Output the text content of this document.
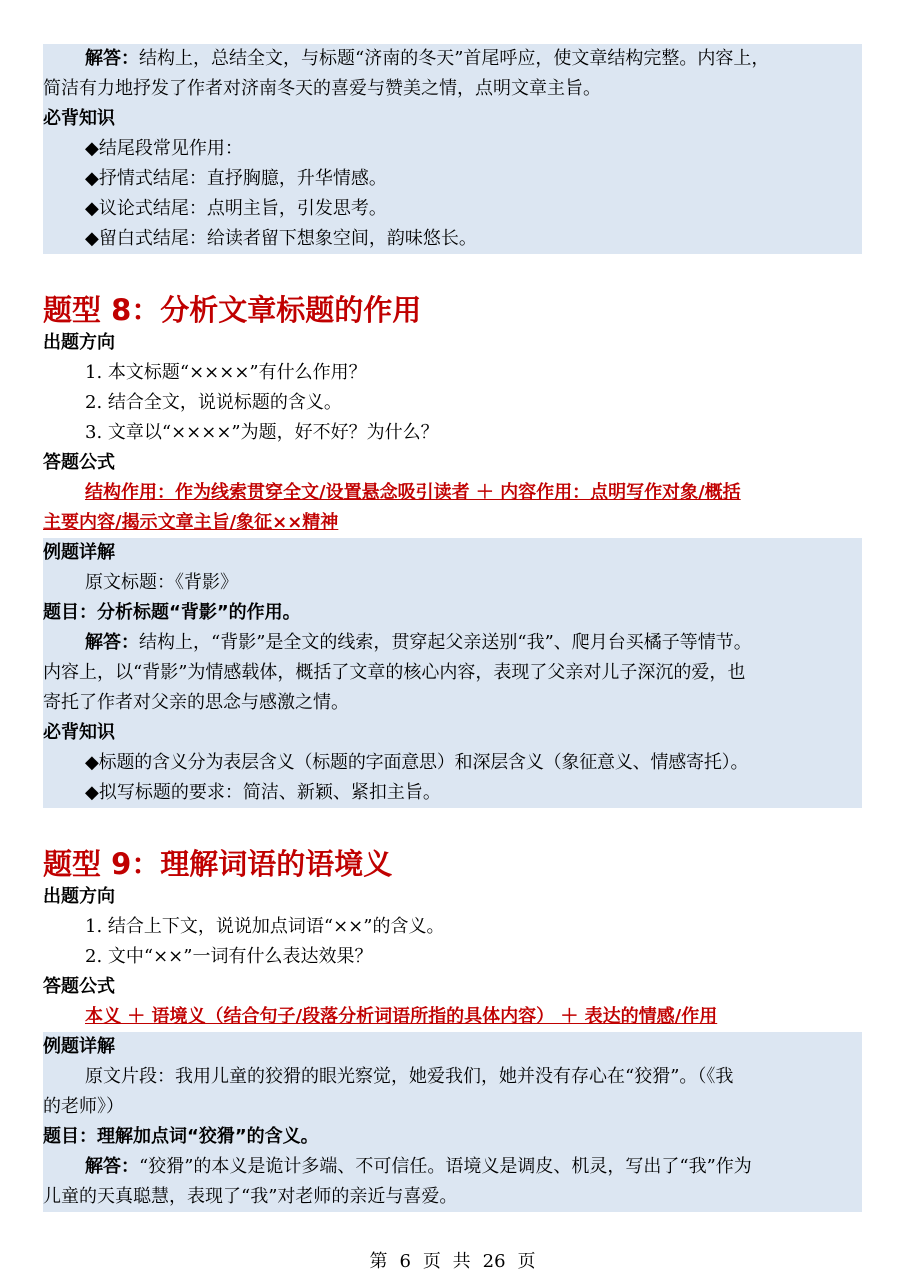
解答：结构上，总结全文，与标题“济南的冬天”首尾呼应，使文章结构完整。内容上，
简洁有力地抒发了作者对济南冬天的喜爱与赞美之情，点明文章主旨。
必背知识
◆结尾段常见作用：
◆抒情式结尾：直抒胸臆，升华情感。
◆议论式结尾：点明主旨，引发思考。
◆留白式结尾：给读者留下想象空间，韵味悠长。
题型 8：分析文章标题的作用
出题方向
1. 本文标题“××××”有什么作用？
2. 结合全文，说说标题的含义。
3. 文章以“××××”为题，好不好？为什么？
答题公式
结构作用：作为线索贯穿全文/设置悬念吸引读者 ＋ 内容作用：点明写作对象/概括
主要内容/揭示文章主旨/象征××精神
例题详解
原文标题：《背影》
题目：分析标题“背影”的作用。
解答：结构上，“背影”是全文的线索，贯穿起父亲送别“我”、爬月台买橘子等情节。
内容上，以“背影”为情感载体，概括了文章的核心内容，表现了父亲对儿子深沉的爱，也
寄托了作者对父亲的思念与感激之情。
必背知识
◆标题的含义分为表层含义（标题的字面意思）和深层含义（象征意义、情感寄托）。
◆拟写标题的要求：简洁、新颖、紧扣主旨。
题型 9：理解词语的语境义
出题方向
1. 结合上下文，说说加点词语“××”的含义。
2. 文中“××”一词有什么表达效果？
答题公式
本义 ＋ 语境义（结合句子/段落分析词语所指的具体内容） ＋ 表达的情感/作用
例题详解
原文片段：我用儿童的狡猾的眼光察觉，她爱我们，她并没有存心在“狡猾”。（《我
的老师》）
题目：理解加点词“狡猾”的含义。
解答：“狡猾”的本义是诡计多端、不可信任。语境义是调皮、机灵，写出了“我”作为
儿童的天真聪慧，表现了“我”对老师的亲近与喜爱。
第 6 页 共 26 页
